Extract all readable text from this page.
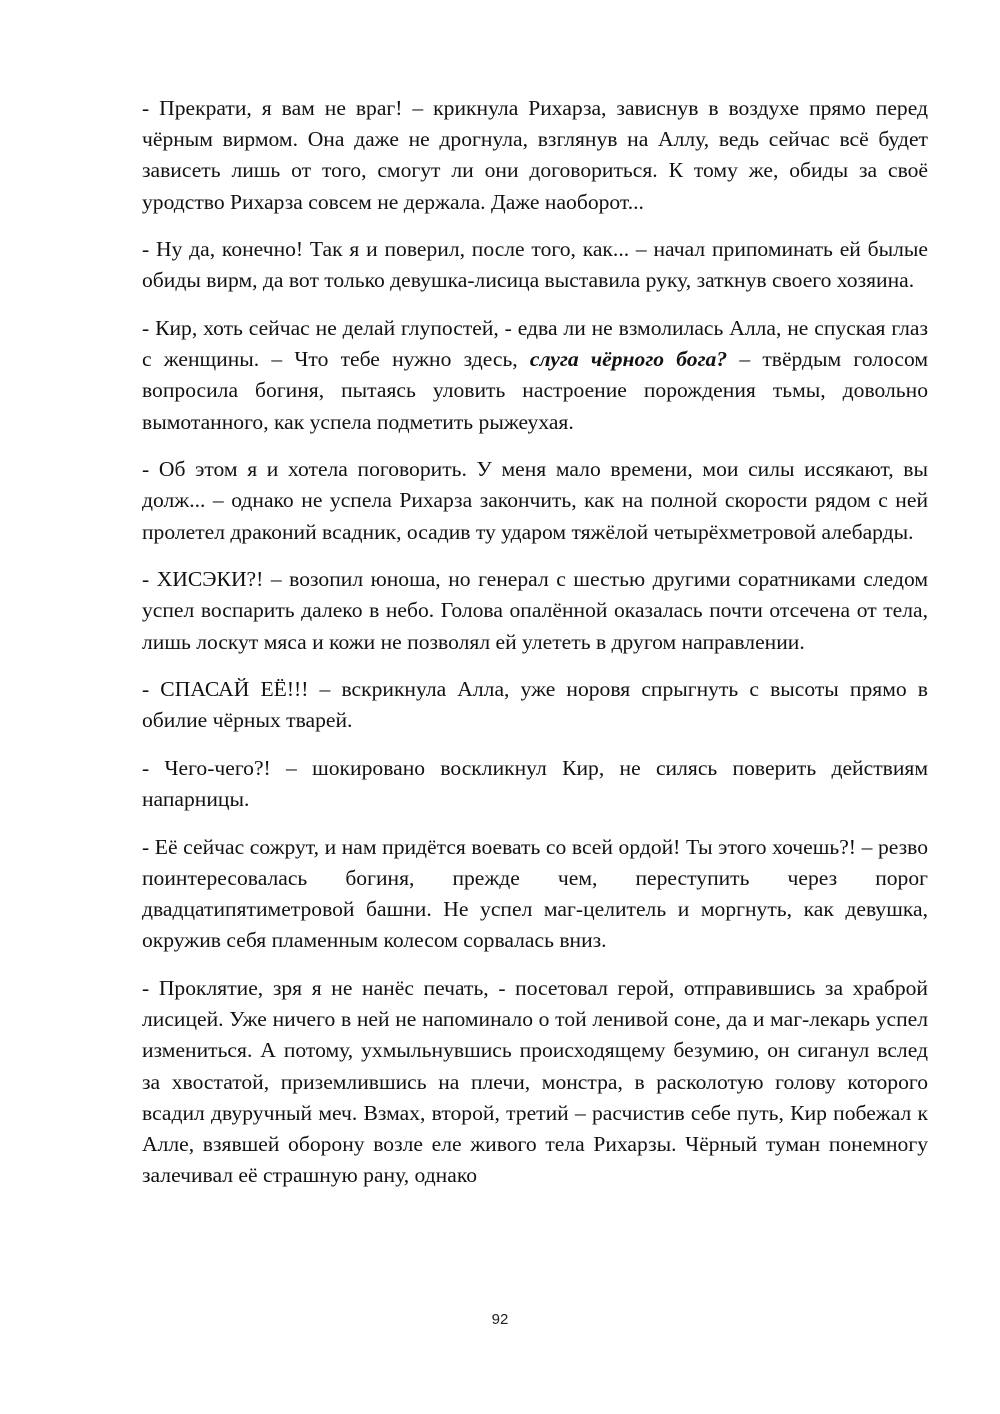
- Прекрати, я вам не враг! – крикнула Рихарза, зависнув в воздухе прямо перед чёрным вирмом. Она даже не дрогнула, взглянув на Аллу, ведь сейчас всё будет зависеть лишь от того, смогут ли они договориться. К тому же, обиды за своё уродство Рихарза совсем не держала. Даже наоборот...

- Ну да, конечно! Так я и поверил, после того, как... – начал припоминать ей былые обиды вирм, да вот только девушка-лисица выставила руку, заткнув своего хозяина.

- Кир, хоть сейчас не делай глупостей, - едва ли не взмолилась Алла, не спуская глаз с женщины. – Что тебе нужно здесь, слуга чёрного бога? – твёрдым голосом вопросила богиня, пытаясь уловить настроение порождения тьмы, довольно вымотанного, как успела подметить рыжеухая.

- Об этом я и хотела поговорить. У меня мало времени, мои силы иссякают, вы долж... – однако не успела Рихарза закончить, как на полной скорости рядом с ней пролетел драконий всадник, осадив ту ударом тяжёлой четырёхметровой алебарды.

- ХИСЭКИ?! – возопил юноша, но генерал с шестью другими соратниками следом успел воспарить далеко в небо. Голова опалённой оказалась почти отсечена от тела, лишь лоскут мяса и кожи не позволял ей улететь в другом направлении.

- СПАСАЙ ЕЁ!!! – вскрикнула Алла, уже норовя спрыгнуть с высоты прямо в обилие чёрных тварей.

- Чего-чего?! – шокировано воскликнул Кир, не силясь поверить действиям напарницы.

- Её сейчас сожрут, и нам придётся воевать со всей ордой! Ты этого хочешь?! – резво поинтересовалась богиня, прежде чем, переступить через порог двадцатипятиметровой башни. Не успел маг-целитель и моргнуть, как девушка, окружив себя пламенным колесом сорвалась вниз.

- Проклятие, зря я не нанёс печать, - посетовал герой, отправившись за храброй лисицей. Уже ничего в ней не напоминало о той ленивой соне, да и маг-лекарь успел измениться. А потому, ухмыльнувшись происходящему безумию, он сиганул вслед за хвостатой, приземлившись на плечи, монстра, в расколотую голову которого всадил двуручный меч. Взмах, второй, третий – расчистив себе путь, Кир побежал к Алле, взявшей оборону возле еле живого тела Рихарзы. Чёрный туман понемногу залечивал её страшную рану, однако

92
